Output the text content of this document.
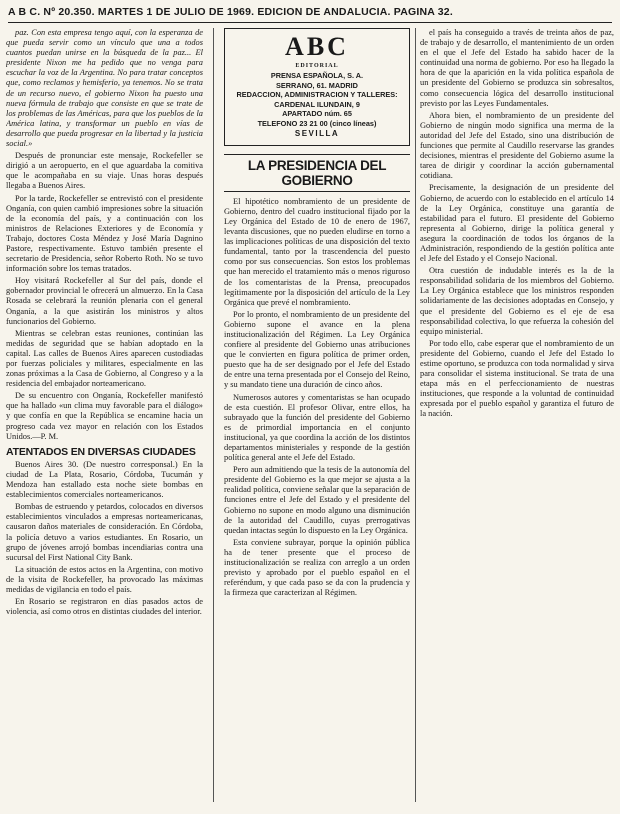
A B C. Nº 20.350. MARTES 1 DE JULIO DE 1969. EDICION DE ANDALUCIA. PAGINA 32.

paz. Con esta empresa tengo aquí, con la esperanza de que pueda servir como un vínculo que una a todos cuantos puedan unirse en la búsqueda de la paz... El presidente Nixon me ha pedido que no venga para escuchar la voz de la Argentina. No para tratar conceptos que, como reclamos y hemisferio, ya tenemos. No se trata de un recurso nuevo, el gobierno Nixon ha puesto una nueva fórmula de trabajo que consiste en que se trate de los problemas de las Américas, para que los pueblos de la América latina, y transformar un pueblo en vías de desarrollo que pueda progresar en la libertad y la justicia social.»

Después de pronunciar este mensaje, Rockefeller se dirigió a un aeropuerto, en el que aguardaba la comitiva que le acompañaba en su viaje. Unas horas después llegaba a Buenos Aires.

Por la tarde, Rockefeller se entrevistó con el presidente Onganía, con quien cambió impresiones sobre la situación de la economía del país, y a continuación con los ministros de Relaciones Exteriores y de Economía y Trabajo, doctores Costa Méndez y José María Dagnino Pastore, respectivamente. Estuvo también presente el secretario de Presidencia, señor Roberto Roth. No se tuvo información sobre los temas tratados.

Hoy visitará Rockefeller al Sur del país, donde el gobernador provincial le ofrecerá un almuerzo. En la Casa Rosada se celebrará la reunión plenaria con el general Onganía, a la que asistirán los ministros y altos funcionarios del Gobierno.

Mientras se celebran estas reuniones, continúan las medidas de seguridad que se habían adoptado en la capital. Las calles de Buenos Aires aparecen custodiadas por fuerzas policiales y militares, especialmente en las zonas próximas a la Casa de Gobierno, al Congreso y a la residencia del embajador norteamericano.

De su encuentro con Onganía, Rockefeller manifestó que ha hallado «un clima muy favorable para el diálogo» y que confía en que la República se encamine hacia un progreso cada vez mayor en relación con los Estados Unidos.—P. M.

ATENTADOS EN DIVERSAS CIUDADES

Buenos Aires 30. (De nuestro corresponsal.) En la ciudad de La Plata, Rosario, Córdoba, Tucumán y Mendoza han estallado esta noche siete bombas en establecimientos comerciales norteamericanos.

Bombas de estruendo y petardos, colocados en diversos establecimientos vinculados a empresas norteamericanas, causaron daños materiales de consideración. En Córdoba, la policía detuvo a varios estudiantes. En Rosario, un grupo de jóvenes arrojó bombas incendiarias contra una sucursal del First National City Bank.

La situación de estos actos en la Argentina, con motivo de la visita de Rockefeller, ha provocado las máximas medidas de vigilancia en todo el país.

En Rosario se registraron en días pasados actos de violencia, así como otros en distintas ciudades del interior.

ABC
EDITORIAL
PRENSA ESPAÑOLA, S. A.
SERRANO, 61. MADRID
REDACCION, ADMINISTRACION Y TALLERES: CARDENAL ILUNDAIN, 9
APARTADO núm. 65
TELEFONO 23 21 00 (cinco líneas)
SEVILLA
LA PRESIDENCIA DEL GOBIERNO

El hipotético nombramiento de un presidente de Gobierno, dentro del cuadro institucional fijado por la Ley Orgánica del Estado de 10 de enero de 1967, levanta discusiones, que no pueden eludirse en torno a las implicaciones políticas de una disposición del texto fundamental, tanto por la trascendencia del puesto como por sus consecuencias. Son estos los problemas que han merecido el tratamiento más o menos riguroso de los comentaristas de la Prensa, preocupados legítimamente por la disposición del artículo de la Ley Orgánica que prevé el nombramiento.

Por lo pronto, el nombramiento de un presidente del Gobierno supone el avance en la plena institucionalización del Régimen. La Ley Orgánica confiere al presidente del Gobierno unas atribuciones que le convierten en figura política de primer orden, puesto que ha de ser designado por el Jefe del Estado de entre una terna presentada por el Consejo del Reino, y su mandato tiene una duración de cinco años.

Numerosos autores y comentaristas se han ocupado de esta cuestión. El profesor Olivar, entre ellos, ha subrayado que la función del presidente del Gobierno es de primordial importancia en el conjunto institucional, ya que coordina la acción de los distintos departamentos ministeriales y responde de la gestión política general ante el Jefe del Estado.

Pero aun admitiendo que la tesis de la autonomía del presidente del Gobierno es la que mejor se ajusta a la realidad política, conviene señalar que la separación de funciones entre el Jefe del Estado y el presidente del Gobierno no supone en modo alguno una disminución de la autoridad del Caudillo, cuyas prerrogativas quedan intactas según lo dispuesto en la Ley Orgánica.

Esta conviene subrayar, porque la opinión pública ha de tener presente que el proceso de institucionalización se realiza con arreglo a un orden previsto y aprobado por el pueblo español en el referéndum, y que cada paso se da con la prudencia y la firmeza que caracterizan al Régimen.

el país ha conseguido a través de treinta años de paz, de trabajo y de desarrollo, el mantenimiento de un orden en el que el Jefe del Estado ha sabido hacer de la continuidad una norma de gobierno. Por eso ha llegado la hora de que la aparición en la vida política española de un presidente del Gobierno se produzca sin sobresaltos, como consecuencia lógica del desarrollo institucional previsto por las Leyes Fundamentales.

Ahora bien, el nombramiento de un presidente del Gobierno de ningún modo significa una merma de la autoridad del Jefe del Estado, sino una distribución de funciones que permite al Caudillo reservarse las grandes decisiones, mientras el presidente del Gobierno asume la tarea de dirigir y coordinar la acción gubernamental cotidiana.

Precisamente, la designación de un presidente del Gobierno, de acuerdo con lo establecido en el artículo 14 de la Ley Orgánica, constituye una garantía de estabilidad para el futuro. El presidente del Gobierno representa al Gobierno, dirige la política general y asegura la coordinación de todos los órganos de la Administración, respondiendo de la gestión política ante el Jefe del Estado y el Consejo Nacional.

Otra cuestión de indudable interés es la de la responsabilidad solidaria de los miembros del Gobierno. La Ley Orgánica establece que los ministros responden solidariamente de las decisiones adoptadas en Consejo, y que el presidente del Gobierno es el eje de esa responsabilidad colectiva, lo que refuerza la cohesión del equipo ministerial.

Por todo ello, cabe esperar que el nombramiento de un presidente del Gobierno, cuando el Jefe del Estado lo estime oportuno, se produzca con toda normalidad y sirva para consolidar el sistema institucional. Se trata de una etapa más en el perfeccionamiento de nuestras instituciones, que responde a la voluntad de continuidad expresada por el pueblo español y garantiza el futuro de la nación.
